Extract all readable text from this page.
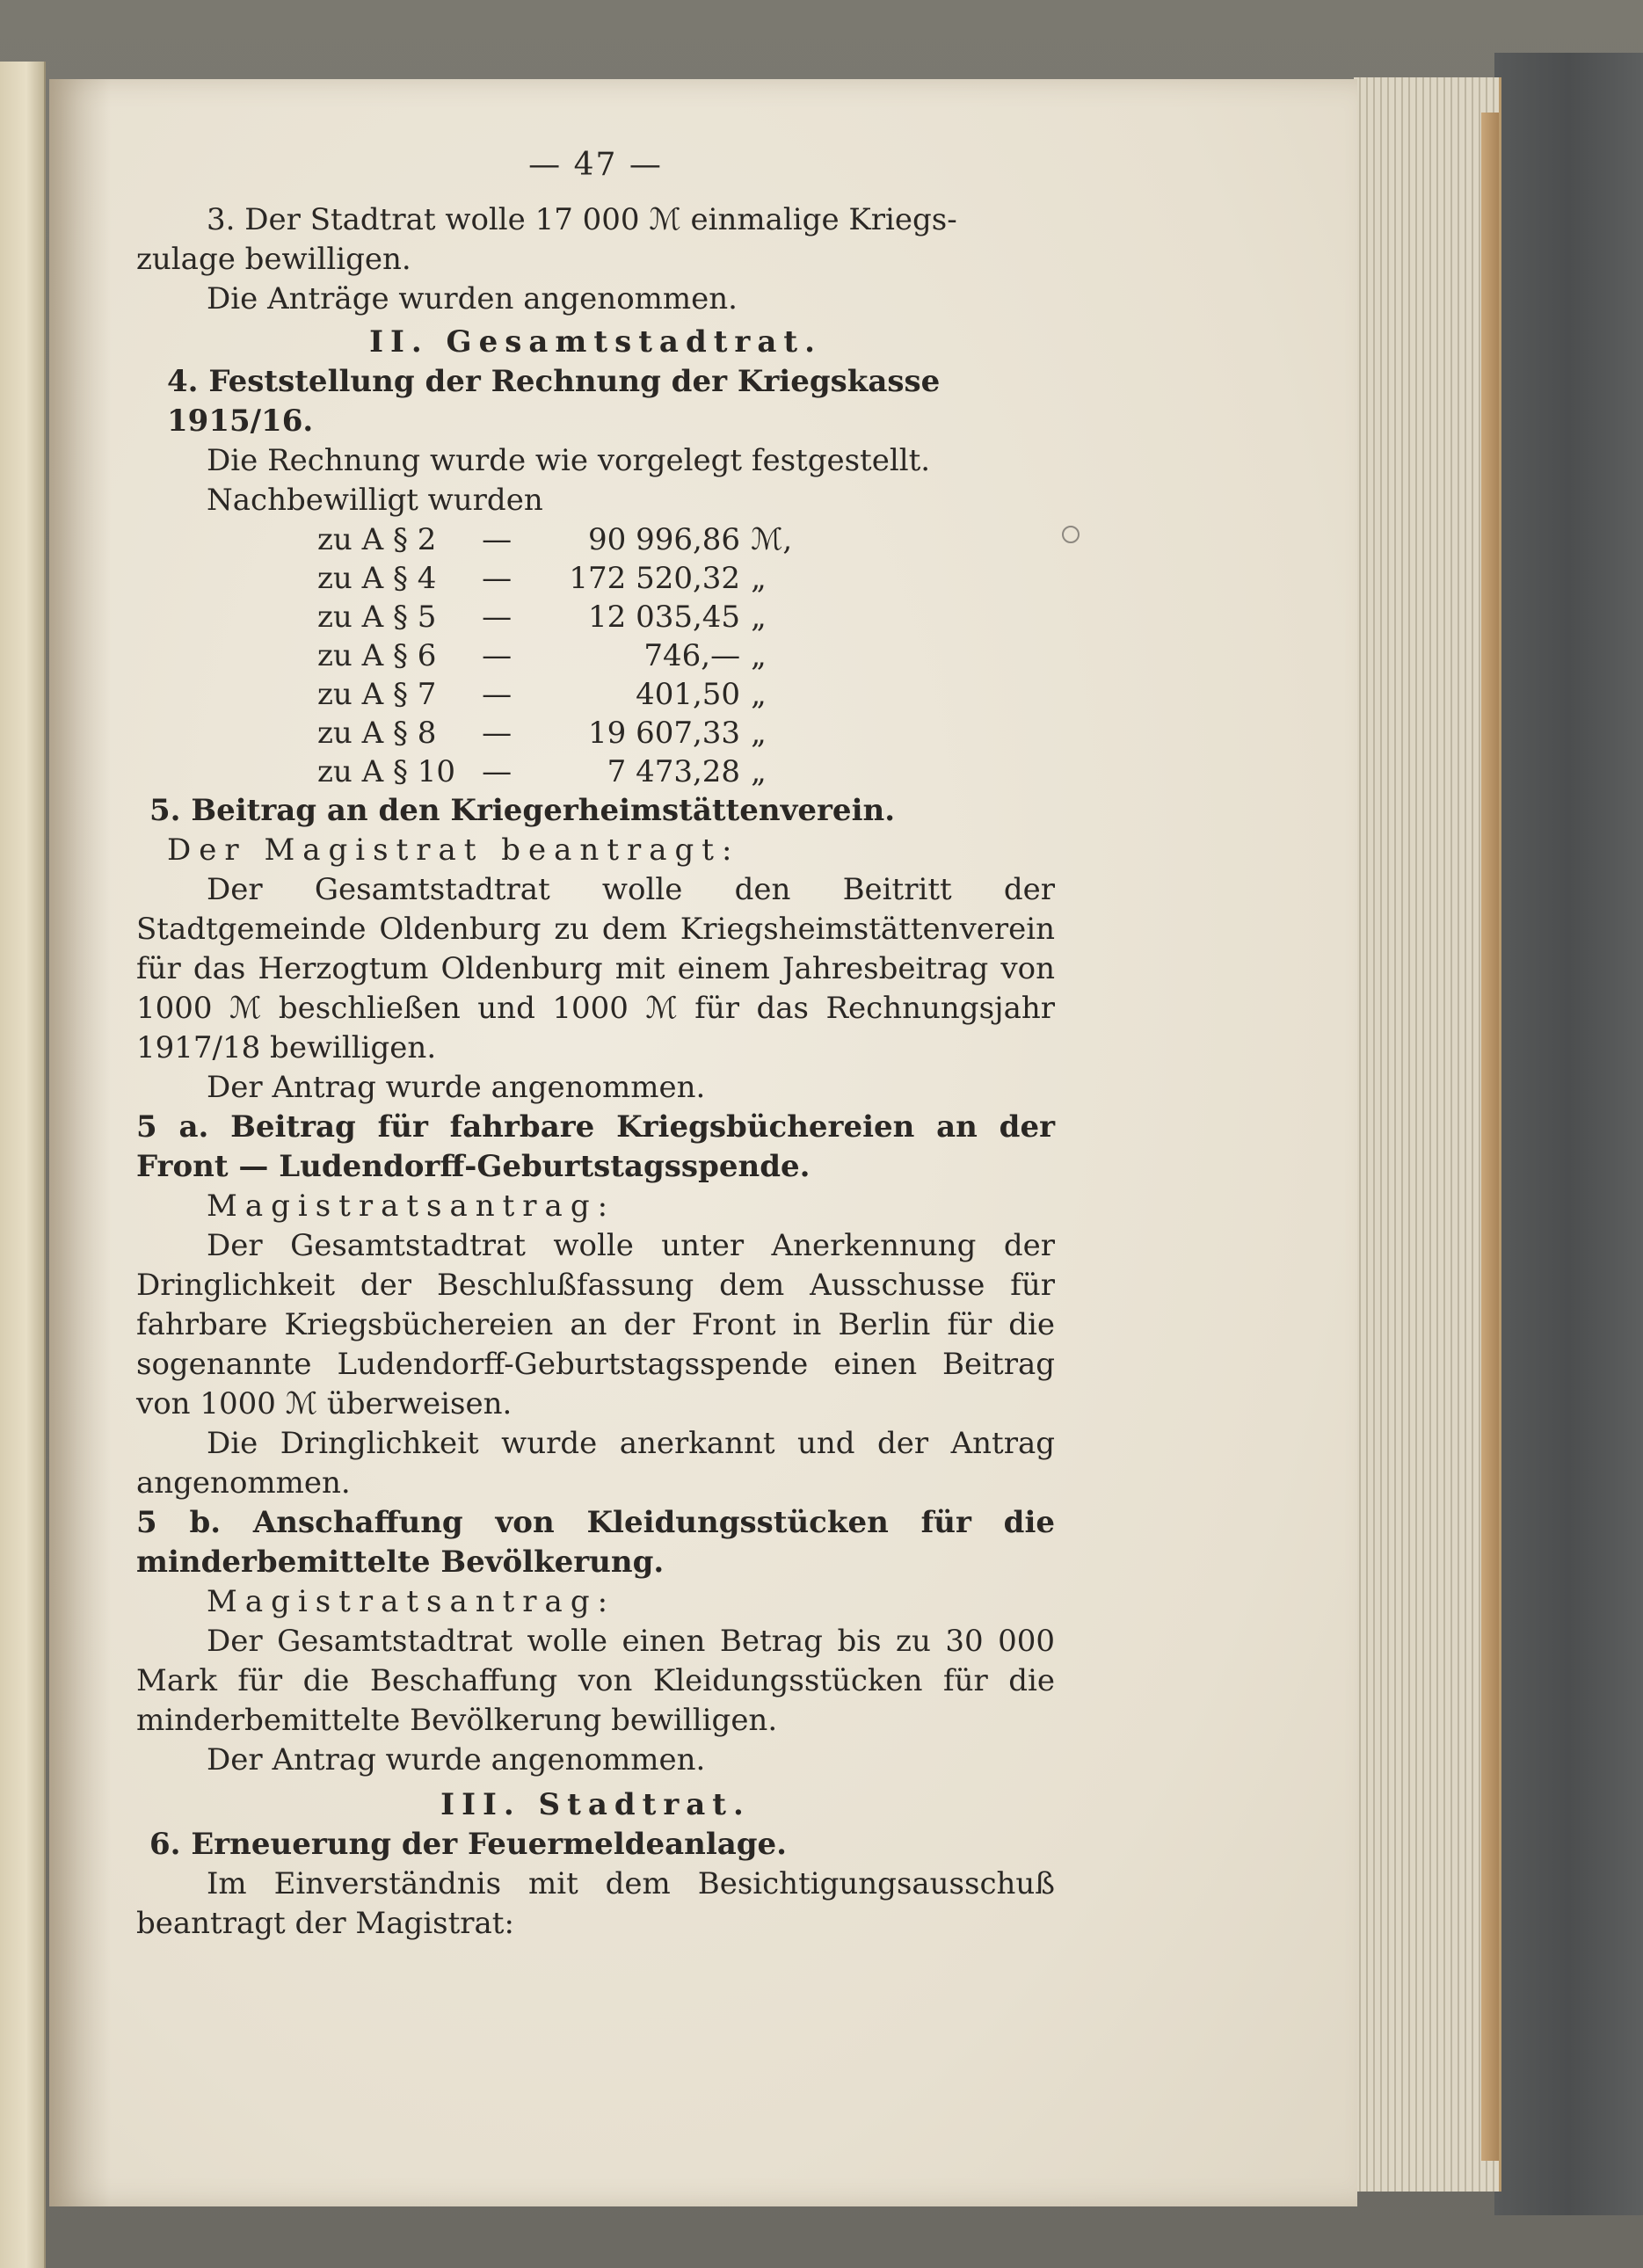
— 47 —

3. Der Stadtrat wolle 17 000 ℳ einmalige Kriegs-

zulage bewilligen.

Die Anträge wurden angenommen.

II. Gesamtstadtrat.

4. Feststellung der Rechnung der Kriegskasse 1915/16.

Die Rechnung wurde wie vorgelegt festgestellt.

Nachbewilligt wurden

zu A § 2	—	90 996,86	ℳ,
zu A § 4	—	172 520,32	„
zu A § 5	—	12 035,45	„
zu A § 6	—	746,—	„
zu A § 7	—	401,50	„
zu A § 8	—	19 607,33	„
zu A § 10	—	7 473,28	„

5. Beitrag an den Kriegerheimstättenverein.

Der Magistrat beantragt:

Der Gesamtstadtrat wolle den Beitritt der Stadtgemeinde Oldenburg zu dem Kriegsheimstättenverein für das Herzogtum Oldenburg mit einem Jahresbeitrag von 1000 ℳ beschließen und 1000 ℳ für das Rechnungsjahr 1917/18 bewilligen.

Der Antrag wurde angenommen.

5 a. Beitrag für fahrbare Kriegsbüchereien an der Front — Ludendorff-Geburtstagsspende.

Magistratsantrag:

Der Gesamtstadtrat wolle unter Anerkennung der Dringlichkeit der Beschlußfassung dem Ausschusse für fahrbare Kriegsbüchereien an der Front in Berlin für die sogenannte Ludendorff-Geburtstagsspende einen Beitrag von 1000 ℳ überweisen.

Die Dringlichkeit wurde anerkannt und der Antrag angenommen.

5 b. Anschaffung von Kleidungsstücken für die minderbemittelte Bevölkerung.

Magistratsantrag:

Der Gesamtstadtrat wolle einen Betrag bis zu 30 000 Mark für die Beschaffung von Kleidungsstücken für die minderbemittelte Bevölkerung bewilligen.

Der Antrag wurde angenommen.

III. Stadtrat.

6. Erneuerung der Feuermeldeanlage.

Im Einverständnis mit dem Besichtigungsausschuß beantragt der Magistrat:
